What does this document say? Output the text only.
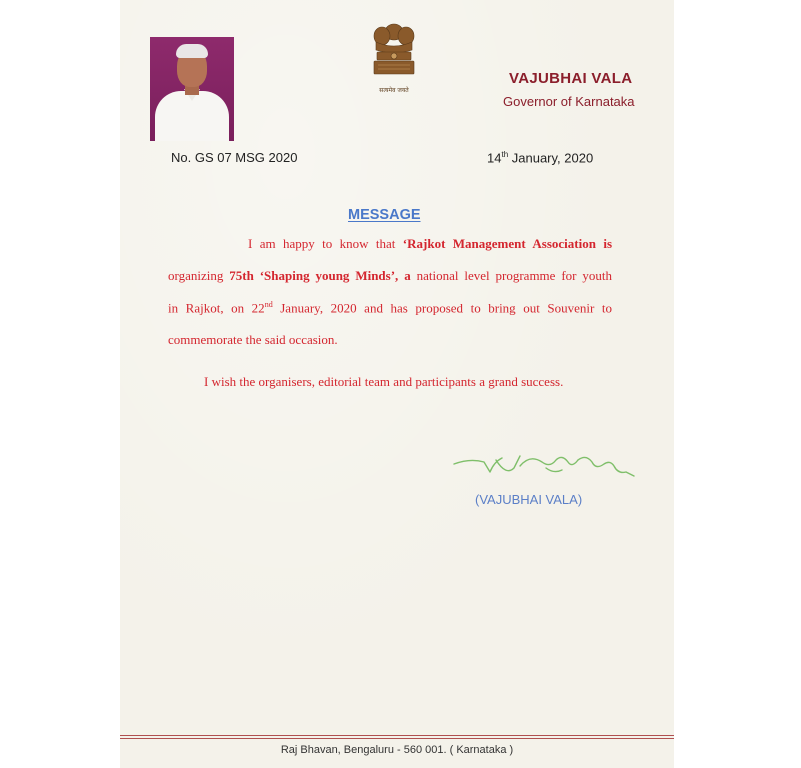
सत्यमेव जयते
VAJUBHAI VALA
Governor of Karnataka
No. GS 07 MSG 2020	14th January, 2020
MESSAGE
I am happy to know that ‘Rajkot Management Association is
organizing 75th ‘Shaping young Minds’, a national level programme for youth
in Rajkot, on 22nd January, 2020 and has proposed to bring out Souvenir to
commemorate the said occasion.
I wish the organisers, editorial team and participants a grand success.
(VAJUBHAI VALA)
Raj Bhavan, Bengaluru - 560 001. ( Karnataka )
